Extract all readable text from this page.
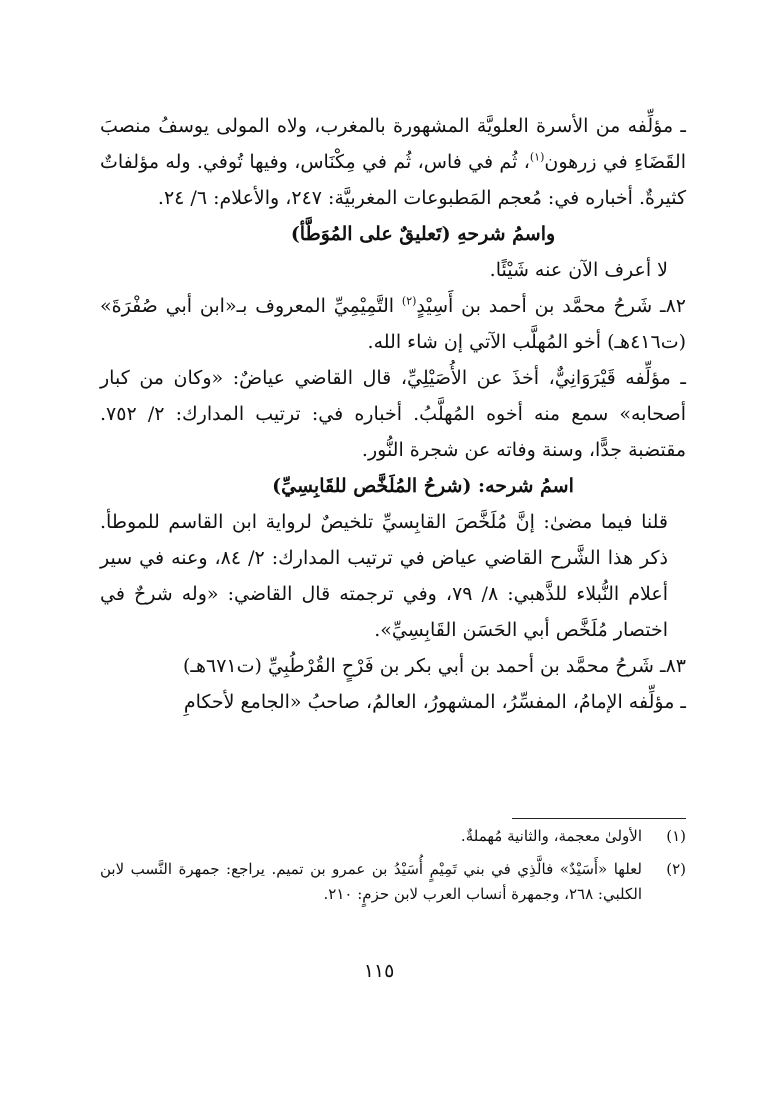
ـ مؤلِّفه من الأسرة العلويَّة المشهورة بالمغرب، ولاه المولى يوسفُ منصبَ القَضَاءِ في زرهون$^{(١)}$، ثُم في فاس، ثُم في مِكْنَاس، وفيها تُوفي. وله مؤلفاتٌ كثيرةٌ. أخباره في: مُعجم المَطبوعات المغربيَّة: ٢٤٧، والأعلام: ٦/ ٢٤.

واسمُ شرحهِ (تَعليقٌ على المُوَطَّأ)

لا أعرف الآن عنه شَيْئًا.

٨٢ـ شَرحُ محمَّد بن أحمد بن أَسِيْدٍ$^{(٢)}$ التَّمِيْمِيِّ المعروف بـ«ابن أبي صُفْرَةَ» (ت٤١٦هـ) أخو المُهلَّب الآتي إن شاء الله.

ـ مؤلِّفه قَيْرَوَانِيٌّ، أخذَ عن الأُصَيْلِيِّ، قال القاضي عياضٌ: «وكان من كبار أصحابه» سمع منه أخوه المُهلَّبُ. أخباره في: ترتيب المدارك: ٢/ ٧٥٢. مقتضبة جدًّا، وسنة وفاته عن شجرة النُّور.

اسمُ شرحه: (شرحُ المُلَخَّص للقَابِسِيِّ)

قلنا فيما مضىٰ: إنَّ مُلَخَّصَ القابِسيِّ تلخيصٌ لرواية ابن القاسم للموطأ. ذكر هذا الشَّرح القاضي عياض في ترتيب المدارك: ٢/ ٨٤، وعنه في سير أعلام النُّبلاء للذَّهبي: ٨/ ٧٩، وفي ترجمته قال القاضي: «وله شرحٌ في اختصار مُلَخَّص أبي الحَسَن القَابِسِيِّ».

٨٣ـ شَرحُ محمَّد بن أحمد بن أبي بكر بن فَرْحٍ القُرْطُبِيِّ (ت٦٧١هـ)

ـ مؤلِّفه الإمامُ، المفسِّرُ، المشهورُ، العالمُ، صاحبُ «الجامع لأحكامِ

(١)
الأولىٰ معجمة، والثانية مُهملةٌ.
(٢)
لعلها «أَسَيْدٌ» فالَّذِي في بني تَمِيْمٍ أُسَيْدُ بن عمرو بن تميم. يراجع: جمهرة النَّسب لابن الكلبي: ٢٦٨، وجمهرة أنساب العرب لابن حزمٍ: ٢١٠.
١١٥
